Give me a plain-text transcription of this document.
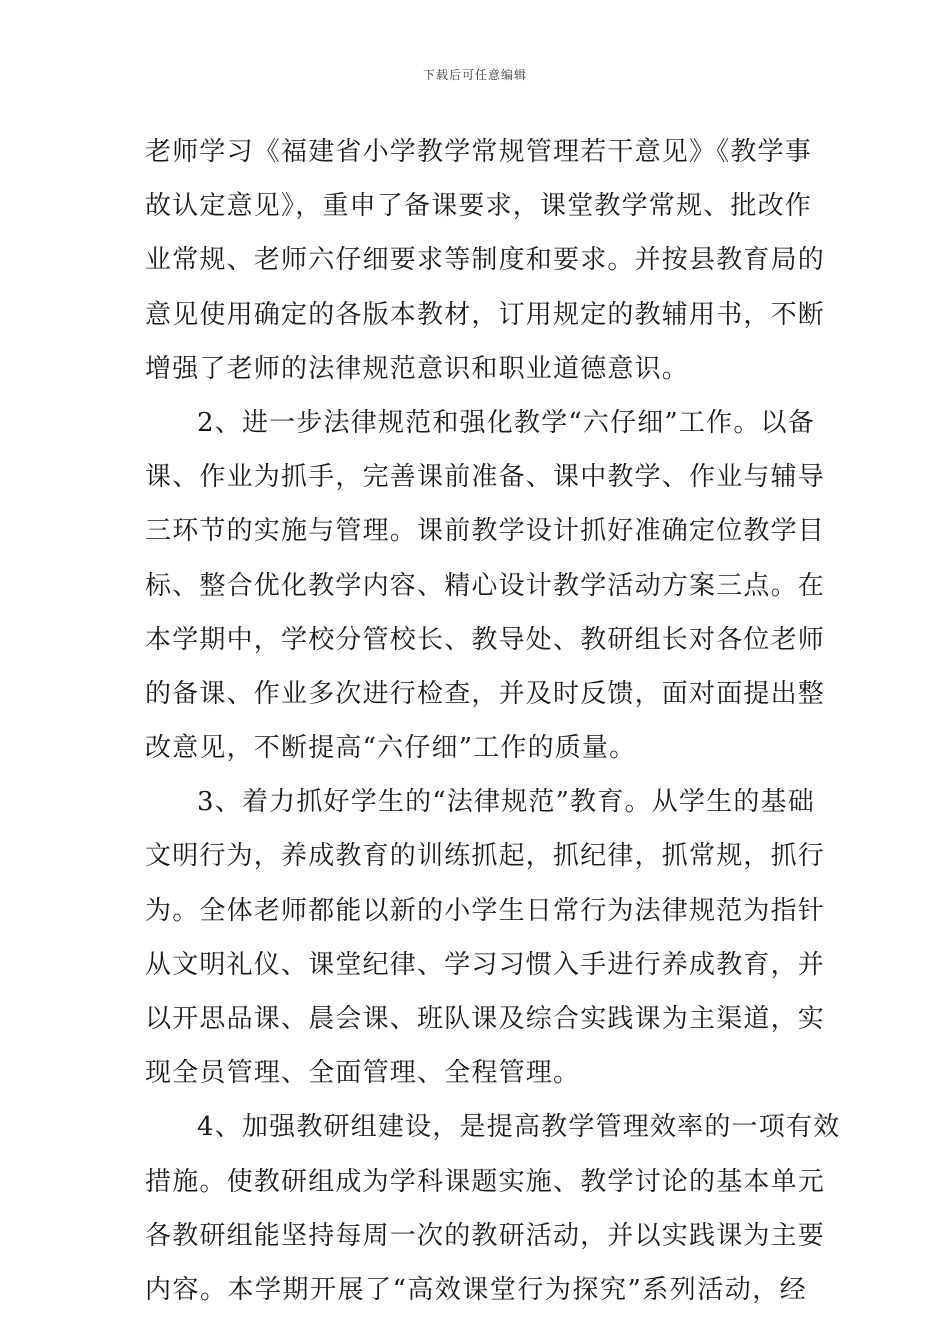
下载后可任意编辑
老师学习《福建省小学教学常规管理若干意见》《教学事
故认定意见》，重申了备课要求，课堂教学常规、批改作
业常规、老师六仔细要求等制度和要求。并按县教育局的
意见使用确定的各版本教材，订用规定的教辅用书，不断
增强了老师的法律规范意识和职业道德意识。
2、进一步法律规范和强化教学“六仔细”工作。以备
课、作业为抓手，完善课前准备、课中教学、作业与辅导
三环节的实施与管理。课前教学设计抓好准确定位教学目
标、整合优化教学内容、精心设计教学活动方案三点。在
本学期中，学校分管校长、教导处、教研组长对各位老师
的备课、作业多次进行检查，并及时反馈，面对面提出整
改意见，不断提高“六仔细”工作的质量。
3、着力抓好学生的“法律规范”教育。从学生的基础
文明行为，养成教育的训练抓起，抓纪律，抓常规，抓行
为。全体老师都能以新的小学生日常行为法律规范为指针
从文明礼仪、课堂纪律、学习习惯入手进行养成教育，并
以开思品课、晨会课、班队课及综合实践课为主渠道，实
现全员管理、全面管理、全程管理。
4、加强教研组建设，是提高教学管理效率的一项有效
措施。使教研组成为学科课题实施、教学讨论的基本单元
各教研组能坚持每周一次的教研活动，并以实践课为主要
内容。本学期开展了“高效课堂行为探究”系列活动，经
